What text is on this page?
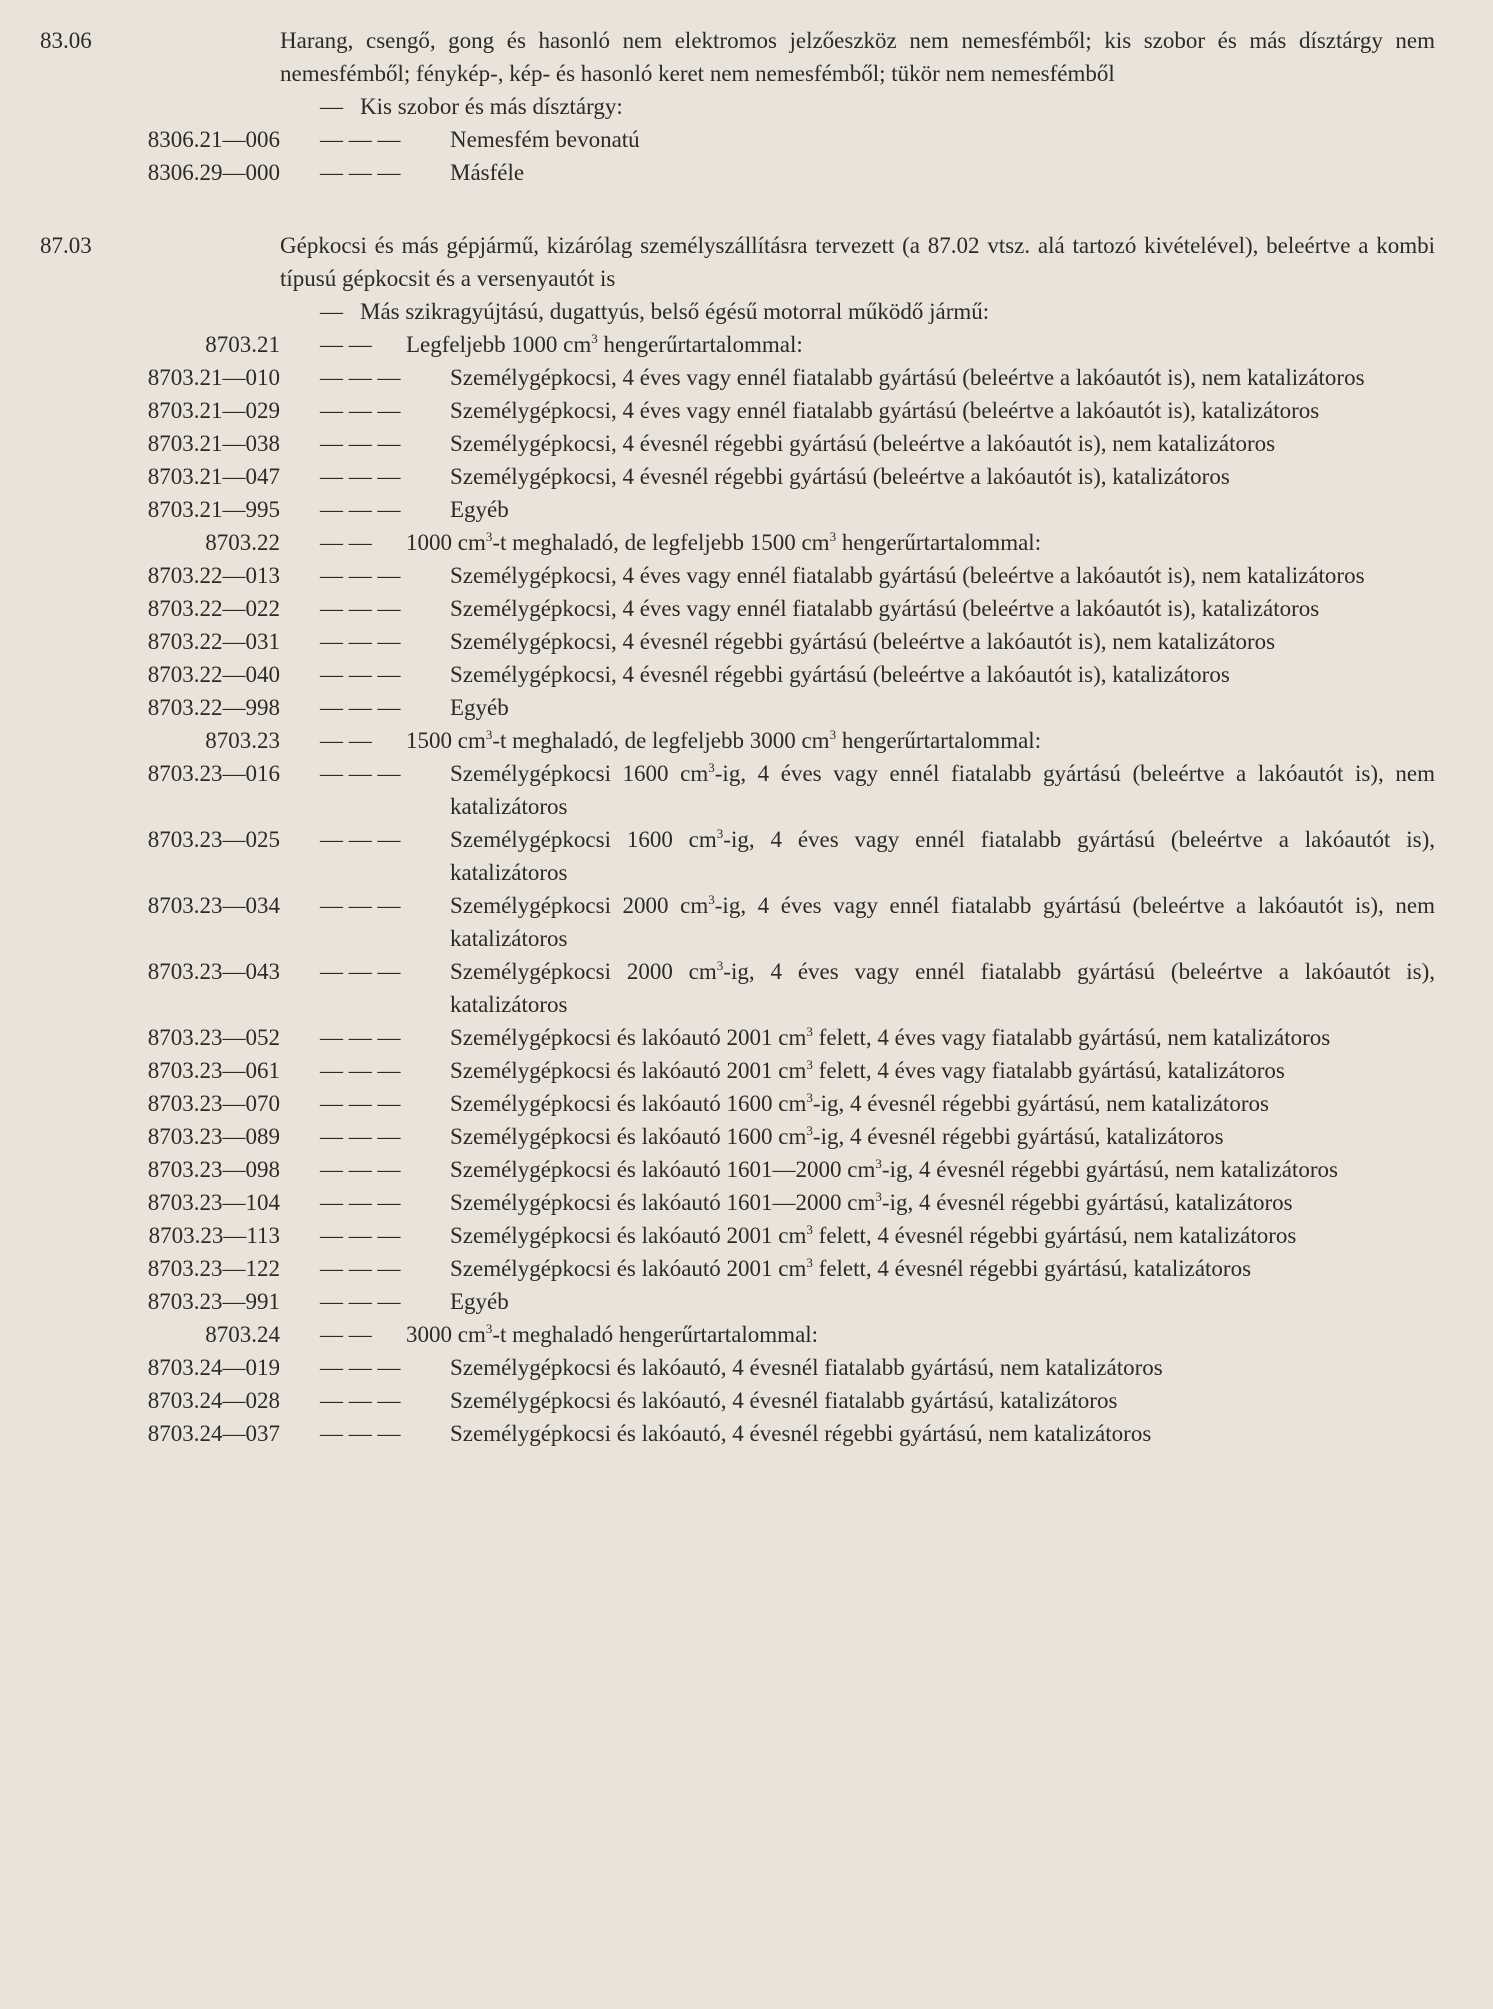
83.06	Harang, csengő, gong és hasonló nem elektromos jelzőeszköz nem nemesfémből; kis szobor és más dísztárgy nem nemesfémből; fénykép-, kép- és hasonló keret nem nemesfémből; tükör nem nemesfémből
— Kis szobor és más dísztárgy:
8306.21—006 — — —	Nemesfém bevonatú
8306.29—000 — — —	Másféle
87.03	Gépkocsi és más gépjármű, kizárólag személyszállításra tervezett (a 87.02 vtsz. alá tartozó kivételével), beleértve a kombi típusú gépkocsit és a versenyautót is
— Más szikragyújtású, dugattyús, belső égésű motorral működő jármű:
8703.21 — —	Legfeljebb 1000 $cm^3$ hengerűrtartalommal:
8703.21—010 — — —	Személygépkocsi, 4 éves vagy ennél fiatalabb gyártású (beleértve a lakóautót is), nem katalizátoros
8703.21—029 — — —	Személygépkocsi, 4 éves vagy ennél fiatalabb gyártású (beleértve a lakóautót is), katalizátoros
8703.21—038 — — —	Személygépkocsi, 4 évesnél régebbi gyártású (beleértve a lakóautót is), nem katalizátoros
8703.21—047 — — —	Személygépkocsi, 4 évesnél régebbi gyártású (beleértve a lakóautót is), katalizátoros
8703.21—995 — — —	Egyéb
8703.22 — —	1000 $cm^3-t$ meghaladó, de legfeljebb 1500 $cm^3$ hengerűrtartalommal:
8703.22—013 — — —	Személygépkocsi, 4 éves vagy ennél fiatalabb gyártású (beleértve a lakóautót is), nem katalizátoros
8703.22—022 — — —	Személygépkocsi, 4 éves vagy ennél fiatalabb gyártású (beleértve a lakóautót is), katalizátoros
8703.22—031 — — —	Személygépkocsi, 4 évesnél régebbi gyártású (beleértve a lakóautót is), nem katalizátoros
8703.22—040 — — —	Személygépkocsi, 4 évesnél régebbi gyártású (beleértve a lakóautót is), katalizátoros
8703.22—998 — — —	Egyéb
8703.23 — —	1500 $cm^3-t$ meghaladó, de legfeljebb 3000 $cm^3$ hengerűrtartalommal:
8703.23—016 — — —	Személygépkocsi 1600 $cm^3-ig$, 4 éves vagy ennél fiatalabb gyártású (beleértve a lakóautót is), nem katalizátoros
8703.23—025 — — —	Személygépkocsi 1600 $cm^3-ig$, 4 éves vagy ennél fiatalabb gyártású (beleértve a lakóautót is), katalizátoros
8703.23—034 — — —	Személygépkocsi 2000 $cm^3-ig$, 4 éves vagy ennél fiatalabb gyártású (beleértve a lakóautót is), nem katalizátoros
8703.23—043 — — —	Személygépkocsi 2000 $cm^3-ig$, 4 éves vagy ennél fiatalabb gyártású (beleértve a lakóautót is), katalizátoros
8703.23—052 — — —	Személygépkocsi és lakóautó 2001 $cm^3$ felett, 4 éves vagy fiatalabb gyártású, nem katalizátoros
8703.23—061 — — —	Személygépkocsi és lakóautó 2001 $cm^3$ felett, 4 éves vagy fiatalabb gyártású, katalizátoros
8703.23—070 — — —	Személygépkocsi és lakóautó 1600 $cm^3-ig$, 4 évesnél régebbi gyártású, nem katalizátoros
8703.23—089 — — —	Személygépkocsi és lakóautó 1600 $cm^3-ig$, 4 évesnél régebbi gyártású, katalizátoros
8703.23—098 — — —	Személygépkocsi és lakóautó 1601—2000 $cm^3-ig$, 4 évesnél régebbi gyártású, nem katalizátoros
8703.23—104 — — —	Személygépkocsi és lakóautó 1601—2000 $cm^3-ig$, 4 évesnél régebbi gyártású, katalizátoros
8703.23—113 — — —	Személygépkocsi és lakóautó 2001 $cm^3$ felett, 4 évesnél régebbi gyártású, nem katalizátoros
8703.23—122 — — —	Személygépkocsi és lakóautó 2001 $cm^3$ felett, 4 évesnél régebbi gyártású, katalizátoros
8703.23—991 — — —	Egyéb
8703.24 — —	3000 $cm^3-t$ meghaladó hengerűrtartalommal:
8703.24—019 — — —	Személygépkocsi és lakóautó, 4 évesnél fiatalabb gyártású, nem katalizátoros
8703.24—028 — — —	Személygépkocsi és lakóautó, 4 évesnél fiatalabb gyártású, katalizátoros
8703.24—037 — — —	Személygépkocsi és lakóautó, 4 évesnél régebbi gyártású, nem katalizátoros
